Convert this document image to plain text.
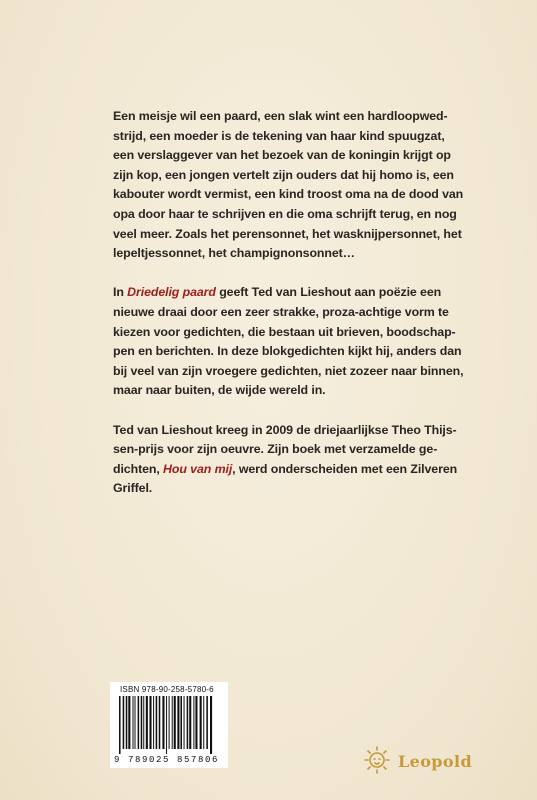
Een meisje wil een paard, een slak wint een hardloopwed-
strijd, een moeder is de tekening van haar kind spuugzat,
een verslaggever van het bezoek van de koningin krijgt op
zijn kop, een jongen vertelt zijn ouders dat hij homo is, een
kabouter wordt vermist, een kind troost oma na de dood van
opa door haar te schrijven en die oma schrijft terug, en nog
veel meer. Zoals het perensonnet, het wasknijpersonnet, het
lepeltjessonnet, het champignonsonnet…

In Driedelig paard geeft Ted van Lieshout aan poëzie een
nieuwe draai door een zeer strakke, proza-achtige vorm te
kiezen voor gedichten, die bestaan uit brieven, boodschap-
pen en berichten. In deze blokgedichten kijkt hij, anders dan
bij veel van zijn vroegere gedichten, niet zozeer naar binnen,
maar naar buiten, de wijde wereld in.

Ted van Lieshout kreeg in 2009 de driejaarlijkse Theo Thijs-
sen-prijs voor zijn oeuvre. Zijn boek met verzamelde ge-
dichten, Hou van mij, werd onderscheiden met een Zilveren
Griffel.

ISBN 978-90-258-5780-6
9 789025 857806	Leopold
